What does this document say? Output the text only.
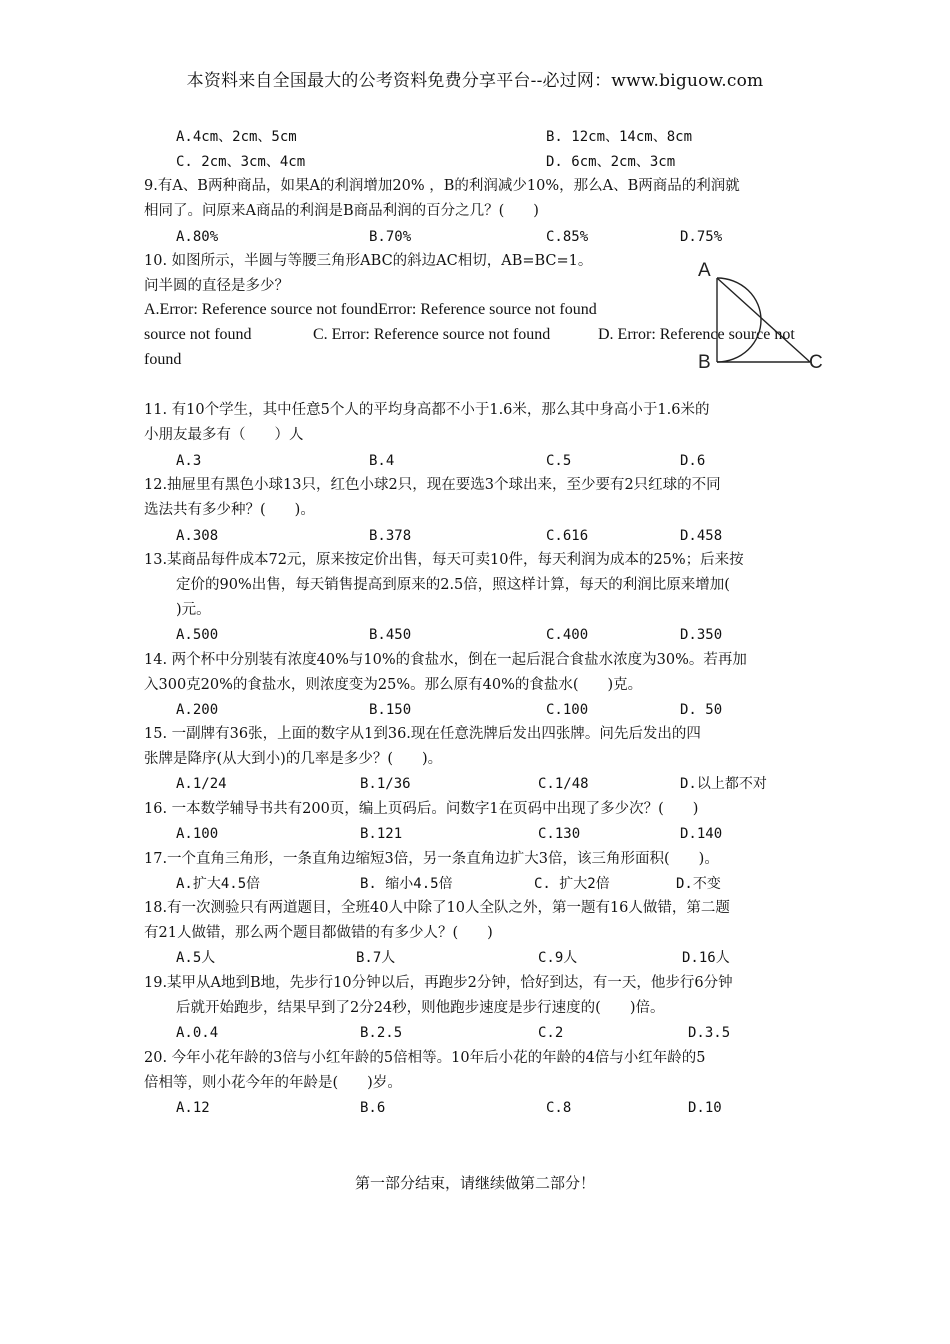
本资料来自全国最大的公考资料免费分享平台--必过网：www.biguow.com
A.4cm、2cm、5cm	B. 12cm、14cm、8cm
C. 2cm、3cm、4cm	D. 6cm、2cm、3cm
9.有A、B两种商品，如果A的利润增加20% ，B的利润减少10%，那么A、B两商品的利润就
相同了。问原来A商品的利润是B商品利润的百分之几？(　　)
A.80%	B.70%	C.85%	D.75%
10. 如图所示，半圆与等腰三角形ABC的斜边AC相切，AB=BC=1。
问半圆的直径是多少？
A.Error: Reference source not foundError: Reference source not found
source not found	C. Error: Reference source not found	D. Error: Reference source not
found
A
B	C
11. 有10个学生，其中任意5个人的平均身高都不小于1.6米，那么其中身高小于1.6米的
小朋友最多有（　　）人
A.3	B.4	C.5	D.6
12.抽屉里有黑色小球13只，红色小球2只，现在要选3个球出来，至少要有2只红球的不同
选法共有多少种？(　　)。
A.308	B.378	C.616	D.458
13.某商品每件成本72元，原来按定价出售，每天可卖10件，每天利润为成本的25%；后来按
定价的90%出售，每天销售提高到原来的2.5倍，照这样计算，每天的利润比原来增加(
)元。
A.500	B.450	C.400	D.350
14. 两个杯中分别装有浓度40%与10%的食盐水，倒在一起后混合食盐水浓度为30%。若再加
入300克20%的食盐水，则浓度变为25%。那么原有40%的食盐水(　　)克。
A.200	B.150	C.100	D. 50
15. 一副牌有36张，上面的数字从1到36.现在任意洗牌后发出四张牌。问先后发出的四
张牌是降序(从大到小)的几率是多少？(　　)。
A.1/24	B.1/36	C.1/48	D.以上都不对
16. 一本数学辅导书共有200页，编上页码后。问数字1在页码中出现了多少次？(　　)
A.100	B.121	C.130	D.140
17.一个直角三角形，一条直角边缩短3倍，另一条直角边扩大3倍，该三角形面积(　　)。
A.扩大4.5倍	B. 缩小4.5倍	C. 扩大2倍	D.不变
18.有一次测验只有两道题目，全班40人中除了10人全队之外，第一题有16人做错，第二题
有21人做错，那么两个题目都做错的有多少人？(　　)
A.5人	B.7人	C.9人	D.16人
19.某甲从A地到B地，先步行10分钟以后，再跑步2分钟，恰好到达，有一天，他步行6分钟
后就开始跑步，结果早到了2分24秒，则他跑步速度是步行速度的(　　)倍。
A.0.4	B.2.5	C.2	D.3.5
20. 今年小花年龄的3倍与小红年龄的5倍相等。10年后小花的年龄的4倍与小红年龄的5
倍相等，则小花今年的年龄是(　　)岁。
A.12	B.6	C.8	D.10
第一部分结束，请继续做第二部分！
